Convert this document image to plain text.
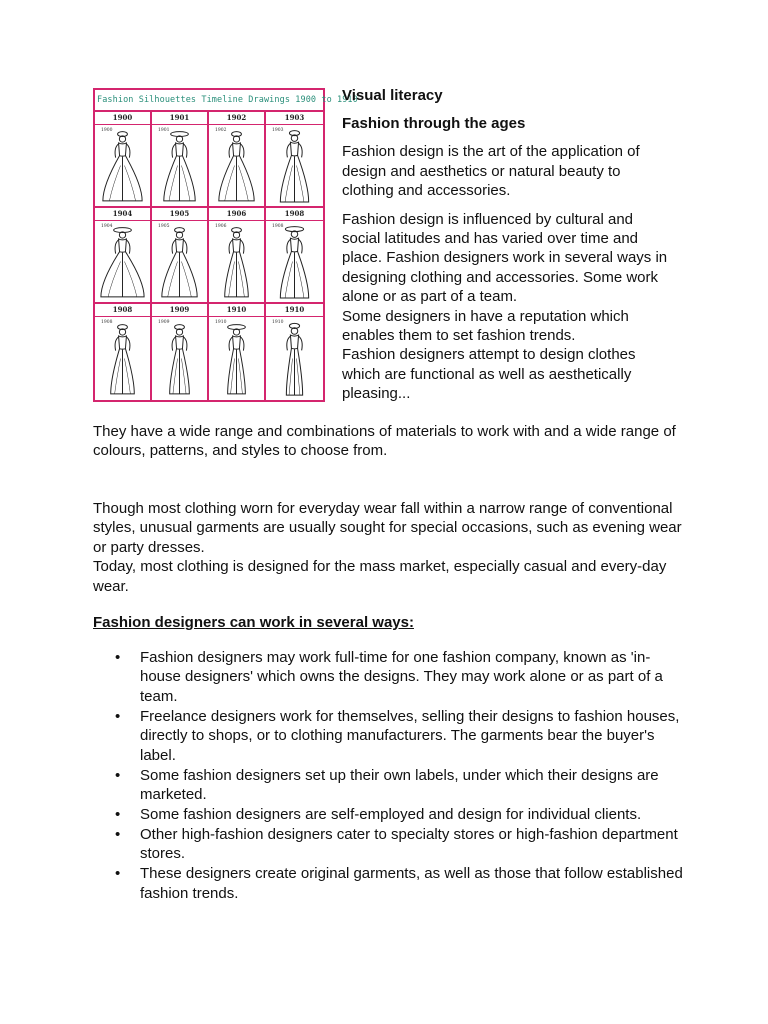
Fashion Silhouettes Timeline Drawings 1900 to 1910
1900
1900
1901
1901
1902
1902
1903
1903
1904
1904
1905
1905
1906
1906
1908
1908
1908
1908
1909
1909
1910
1910
1910
1910

Visual literacy

Fashion through the ages

Fashion design is the art of the application of design and aesthetics or natural beauty to clothing and accessories.

Fashion design is influenced by cultural and social latitudes and has varied over time and place. Fashion designers work in several ways in designing clothing and accessories. Some work alone or as part of a team.

Some designers in have a reputation which enables them to set fashion trends.

Fashion designers attempt to design clothes which are functional as well as aesthetically pleasing...

They have a wide range and combinations of materials to work with and a wide range of colours, patterns, and styles to choose from.

Though most clothing worn for everyday wear fall within a narrow range of conventional styles, unusual garments are usually sought for special occasions, such as evening wear or party dresses.

Today, most clothing is designed for the mass market, especially casual and every-day wear.

Fashion designers can work in several ways:

• Fashion designers may work full-time for one fashion company, known as 'in-house designers' which owns the designs. They may work alone or as part of a team.
• Freelance designers work for themselves, selling their designs to fashion houses, directly to shops, or to clothing manufacturers. The garments bear the buyer's label.
• Some fashion designers set up their own labels, under which their designs are marketed.
• Some fashion designers are self-employed and design for individual clients.
• Other high-fashion designers cater to specialty stores or high-fashion department stores.
• These designers create original garments, as well as those that follow established fashion trends.
